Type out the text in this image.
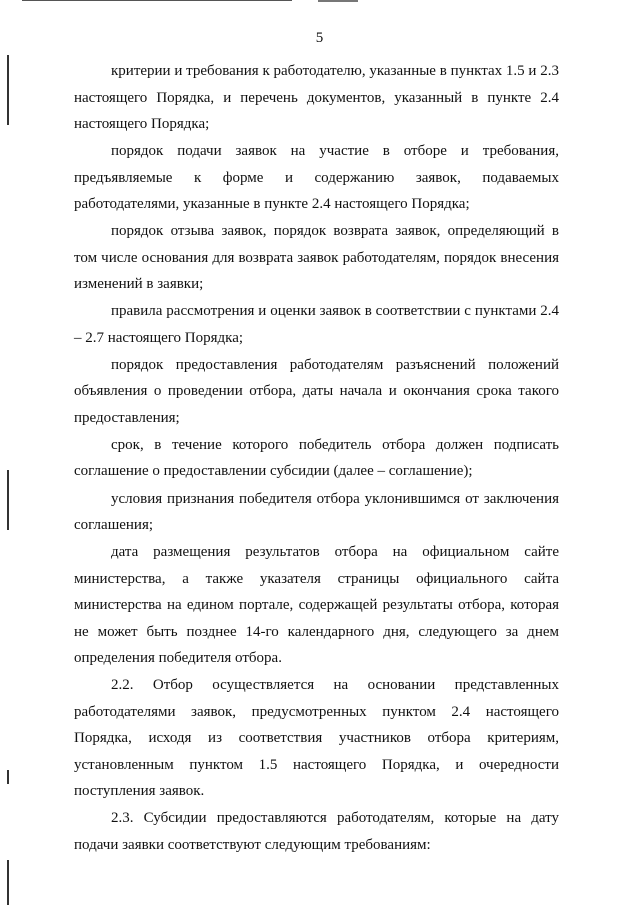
5

критерии и требования к работодателю, указанные в пунктах 1.5 и 2.3 настоящего Порядка, и перечень документов, указанный в пункте 2.4 настоящего Порядка;

порядок подачи заявок на участие в отборе и требования, предъявляемые к форме и содержанию заявок, подаваемых работодателями, указанные в пункте 2.4 настоящего Порядка;

порядок отзыва заявок, порядок возврата заявок, определяющий в том числе основания для возврата заявок работодателям, порядок внесения изменений в заявки;

правила рассмотрения и оценки заявок в соответствии с пунктами 2.4 – 2.7 настоящего Порядка;

порядок предоставления работодателям разъяснений положений объявления о проведении отбора, даты начала и окончания срока такого предоставления;

срок, в течение которого победитель отбора должен подписать соглашение о предоставлении субсидии (далее – соглашение);

условия признания победителя отбора уклонившимся от заключения соглашения;

дата размещения результатов отбора на официальном сайте министерства, а также указателя страницы официального сайта министерства на едином портале, содержащей результаты отбора, которая не может быть позднее 14-го календарного дня, следующего за днем определения победителя отбора.

2.2. Отбор осуществляется на основании представленных работодателями заявок, предусмотренных пунктом 2.4 настоящего Порядка, исходя из соответствия участников отбора критериям, установленным пунктом 1.5 настоящего Порядка, и очередности поступления заявок.

2.3. Субсидии предоставляются работодателям, которые на дату подачи заявки соответствуют следующим требованиям:
